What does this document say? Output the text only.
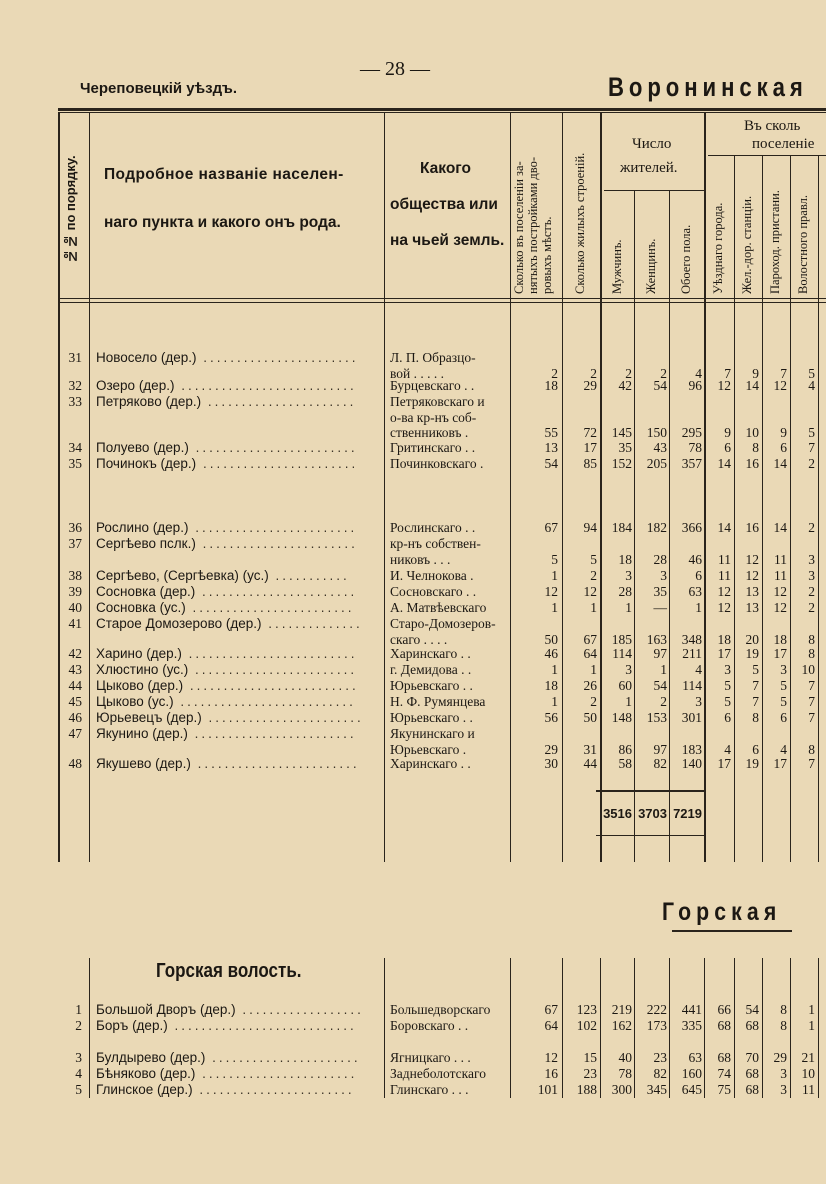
— 28 —
Череповецкій уѣздъ.	Воронинская
№№ по порядку. Подробное названіе населен-
наго пункта и какого онъ рода.
Какого
общества или
на чьей земль. Сколько въ поселеніи за- нятыхъ постройками дво- ровыхъ мѣстъ. Сколько жилыхъ строеній.
Число
жителей.
Мужчинъ. Женщинъ. Обоего пола.
Въ сколь
поселеніе
Уѣзднаго города. Жел.-дор. станціи. Пароход. пристани. Волостного правл.
31 Новосело (дер.) .......................	Л. П. Образцо-
вой . . . . .	2	2	2	2	4	7	9	7	5
32 Озеро (дер.) ..........................	Бурцевскаго . .	18	29	42	54	96	12	14	12	4
33 Петряково (дер.) ......................	Петряковскаго и
о-ва кр-нъ соб-
ственниковъ .	55	72	145	150	295	9	10	9	5
34 Полуево (дер.) ........................	Гритинскаго . .	13	17	35	43	78	6	8	6	7
35 Починокъ (дер.) .......................	Починковскаго .	54	85	152	205	357	14	16	14	2
36 Рослино (дер.) ........................	Рослинскаго . .	67	94	184	182	366	14	16	14	2
37 Сергѣево пслк.) .......................	кр-нъ собствен-
никовъ . . .	5	5	18	28	46	11	12	11	3
38 Сергѣево, (Сергѣевка) (ус.) ...........	И. Челнокова .	1	2	3	3	6	11	12	11	3
39 Сосновка (дер.) .......................	Сосновскаго . .	12	12	28	35	63	12	13	12	2
40 Сосновка (ус.) ........................	А. Матвѣевскаго	1	1	1	—	1	12	13	12	2
41 Старое Домозерово (дер.) ..............	Старо-Домозеров-
скаго . . . .	50	67	185	163	348	18	20	18	8
42 Харино (дер.) .........................	Харинскаго . .	46	64	114	97	211	17	19	17	8
43 Хлюстино (ус.) ........................	г. Демидова . .	1	1	3	1	4	3	5	3	10
44 Цыково (дер.) .........................	Юрьевскаго . .	18	26	60	54	114	5	7	5	7
45 Цыково (ус.) ..........................	Н. Ф. Румянцева	1	2	1	2	3	5	7	5	7
46 Юрьевецъ (дер.) .......................	Юрьевскаго . .	56	50	148	153	301	6	8	6	7
47 Якунино (дер.) ........................	Якунинскаго и
Юрьевскаго .	29	31	86	97	183	4	6	4	8
48 Якушево (дер.) ........................	Харинскаго . .	30	44	58	82	140	17	19	17	7
3516 3703 7219
Горская
Горская волость.
1 Большой Дворъ (дер.) ..................	Большедворскаго	67	123	219	222	441	66	54	8	1
2 Боръ (дер.) ...........................	Боровскаго . .	64	102	162	173	335	68	68	8	1
3 Булдырево (дер.) ......................	Ягницкаго . . .	12	15	40	23	63	68	70	29	21
4 Бѣняково (дер.) .......................	Заднеболотскаго	16	23	78	82	160	74	68	3	10
5 Глинское (дер.) .......................	Глинскаго . . .	101	188	300	345	645	75	68	3	11
